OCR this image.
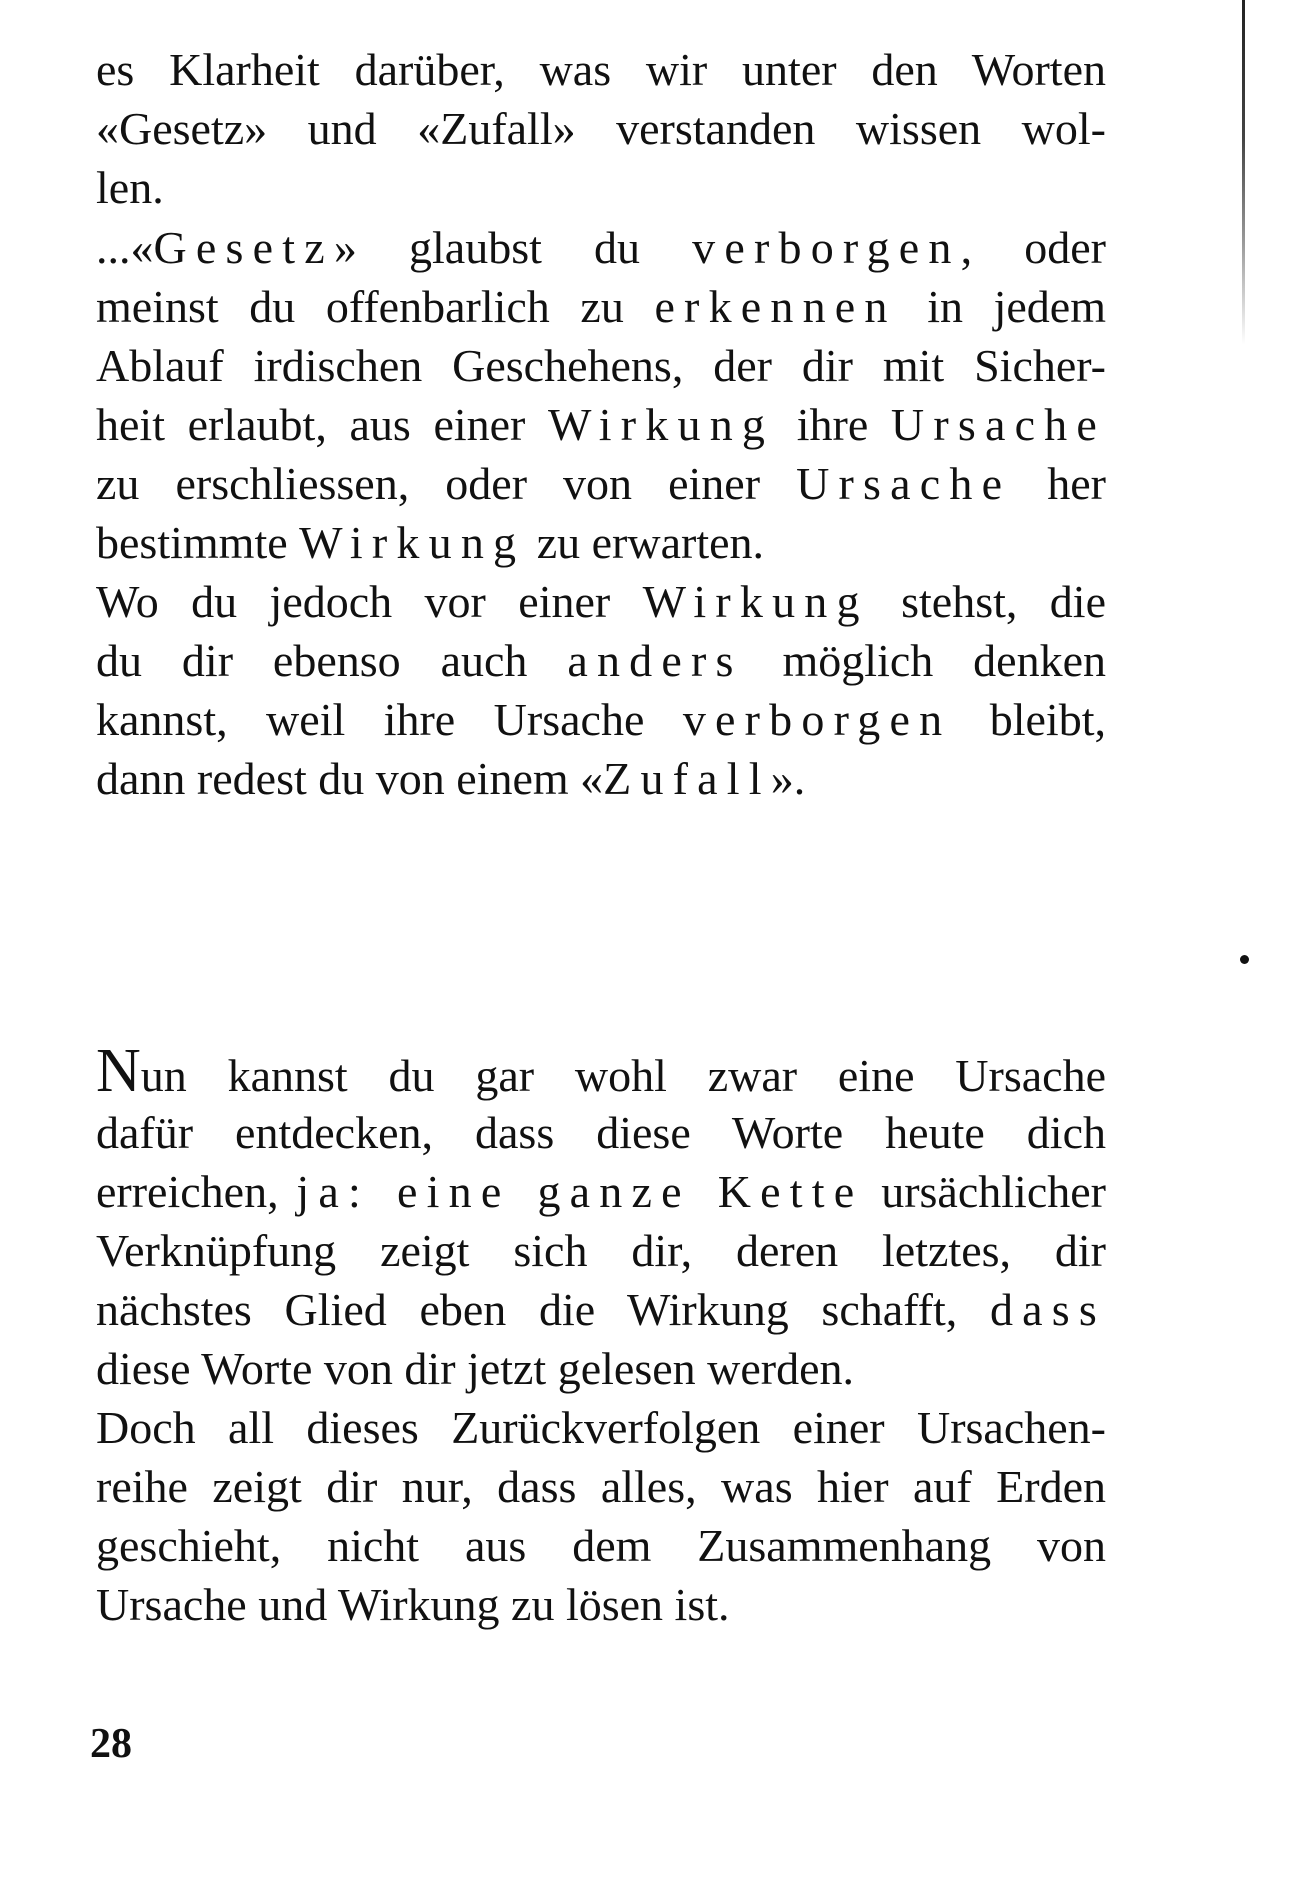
es Klarheit darüber, was wir unter den Worten
«Gesetz» und «Zufall» verstanden wissen wol-
len.
...«Gesetz» glaubst du verborgen, oder
meinst du offenbarlich zu erkennen in jedem
Ablauf irdischen Geschehens, der dir mit Sicher-
heit erlaubt, aus einer Wirkung ihre Ursache
zu erschliessen, oder von einer Ursache her
bestimmte Wirkung zu erwarten.
Wo du jedoch vor einer Wirkung stehst, die
du dir ebenso auch anders möglich denken
kannst, weil ihre Ursache verborgen bleibt,
dann redest du von einem «Zufall».
Nun kannst du gar wohl zwar eine Ursache
dafür entdecken, dass diese Worte heute dich
erreichen, ja: eine ganze Kette ursächlicher
Verknüpfung zeigt sich dir, deren letztes, dir
nächstes Glied eben die Wirkung schafft, dass
diese Worte von dir jetzt gelesen werden.
Doch all dieses Zurückverfolgen einer Ursachen-
reihe zeigt dir nur, dass alles, was hier auf Erden
geschieht, nicht aus dem Zusammenhang von
Ursache und Wirkung zu lösen ist.
28
